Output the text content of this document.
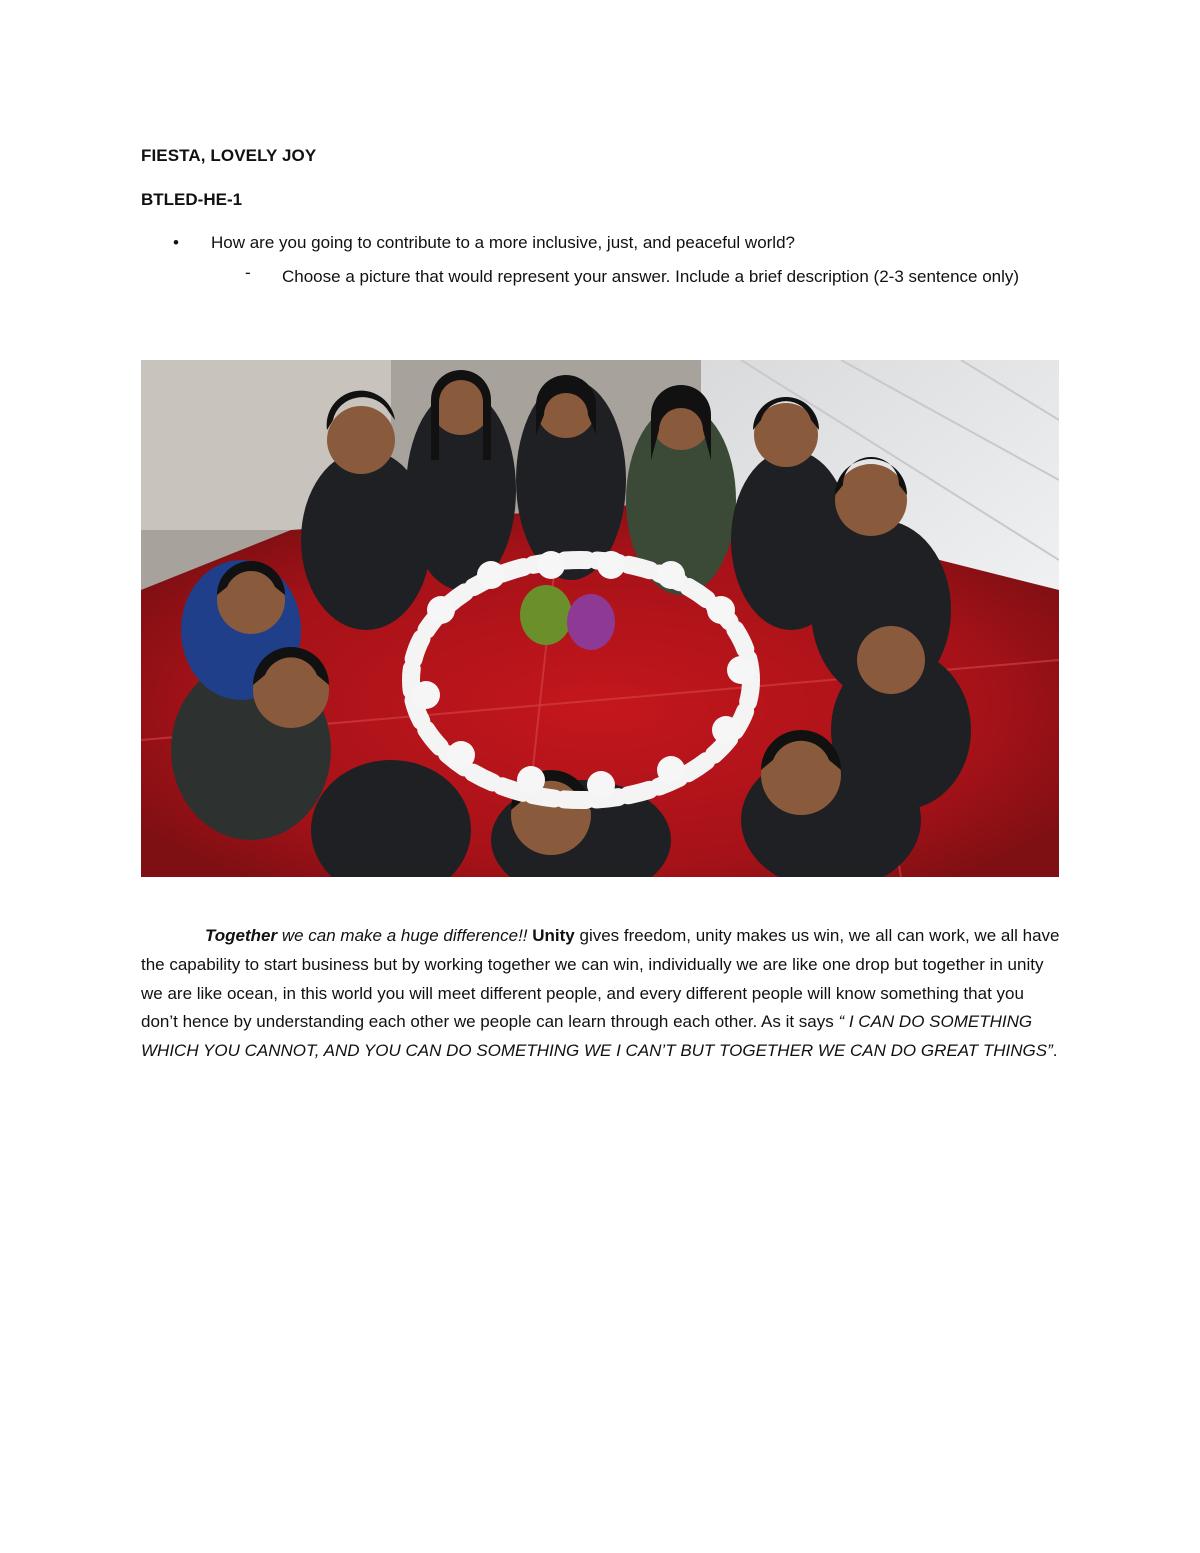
FIESTA, LOVELY JOY
BTLED-HE-1
• How are you going to contribute to a more inclusive, just, and peaceful world?
- Choose a picture that would represent your answer. Include a brief description (2-3 sentence only)
Together we can make a huge difference!! Unity gives freedom, unity makes us win, we all can work, we all have the capability to start business but by working together we can win, individually we are like one drop but together in unity we are like ocean, in this world you will meet different people, and every different people will know something that you don’t hence by understanding each other we people can learn through each other. As it says “ I CAN DO SOMETHING WHICH YOU CANNOT, AND YOU CAN DO SOMETHING WE I CAN’T BUT TOGETHER WE CAN DO GREAT THINGS”.
